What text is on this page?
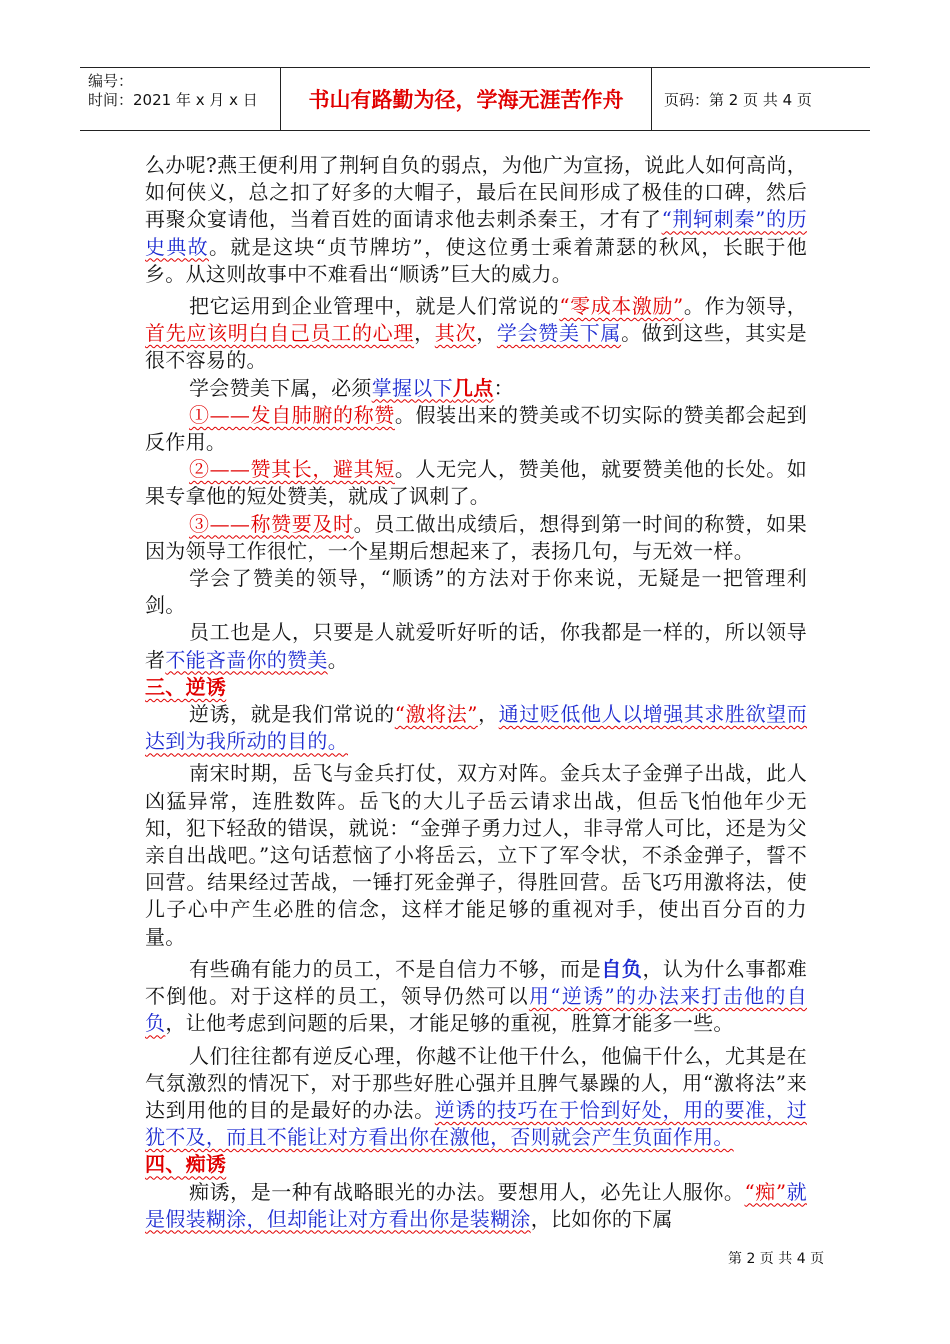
编号：
时间：2021 年 x 月 x 日	书山有路勤为径，学海无涯苦作舟	页码：第 2 页 共 4 页

么办呢?燕王便利用了荆轲自负的弱点，为他广为宣扬，说此人如何高尚，如何侠义，总之扣了好多的大帽子，最后在民间形成了极佳的口碑，然后再聚众宴请他，当着百姓的面请求他去刺杀秦王，才有了“荆轲刺秦”的历史典故。就是这块“贞节牌坊”，使这位勇士乘着萧瑟的秋风，长眠于他乡。从这则故事中不难看出“顺诱”巨大的威力。

把它运用到企业管理中，就是人们常说的“零成本激励”。作为领导，首先应该明白自己员工的心理，其次，学会赞美下属。做到这些，其实是很不容易的。

学会赞美下属，必须掌握以下几点：

①——发自肺腑的称赞。假装出来的赞美或不切实际的赞美都会起到反作用。

②——赞其长，避其短。人无完人，赞美他，就要赞美他的长处。如果专拿他的短处赞美，就成了讽刺了。

③——称赞要及时。员工做出成绩后，想得到第一时间的称赞，如果因为领导工作很忙，一个星期后想起来了，表扬几句，与无效一样。

学会了赞美的领导，“顺诱”的方法对于你来说，无疑是一把管理利剑。

员工也是人，只要是人就爱听好听的话，你我都是一样的，所以领导者不能吝啬你的赞美。

三、逆诱

逆诱，就是我们常说的“激将法”，通过贬低他人以增强其求胜欲望而达到为我所动的目的。

南宋时期，岳飞与金兵打仗，双方对阵。金兵太子金弹子出战，此人凶猛异常，连胜数阵。岳飞的大儿子岳云请求出战，但岳飞怕他年少无知，犯下轻敌的错误，就说：“金弹子勇力过人，非寻常人可比，还是为父亲自出战吧。”这句话惹恼了小将岳云，立下了军令状，不杀金弹子，誓不回营。结果经过苦战，一锤打死金弹子，得胜回营。岳飞巧用激将法，使儿子心中产生必胜的信念，这样才能足够的重视对手，使出百分百的力量。

有些确有能力的员工，不是自信力不够，而是自负，认为什么事都难不倒他。对于这样的员工，领导仍然可以用“逆诱”的办法来打击他的自负，让他考虑到问题的后果，才能足够的重视，胜算才能多一些。

人们往往都有逆反心理，你越不让他干什么，他偏干什么，尤其是在气氛激烈的情况下，对于那些好胜心强并且脾气暴躁的人，用“激将法”来达到用他的目的是最好的办法。逆诱的技巧在于恰到好处，用的要准，过犹不及，而且不能让对方看出你在激他，否则就会产生负面作用。

四、痴诱

痴诱，是一种有战略眼光的办法。要想用人，必先让人服你。“痴”就是假装糊涂，但却能让对方看出你是装糊涂，比如你的下属

第 2 页 共 4 页
